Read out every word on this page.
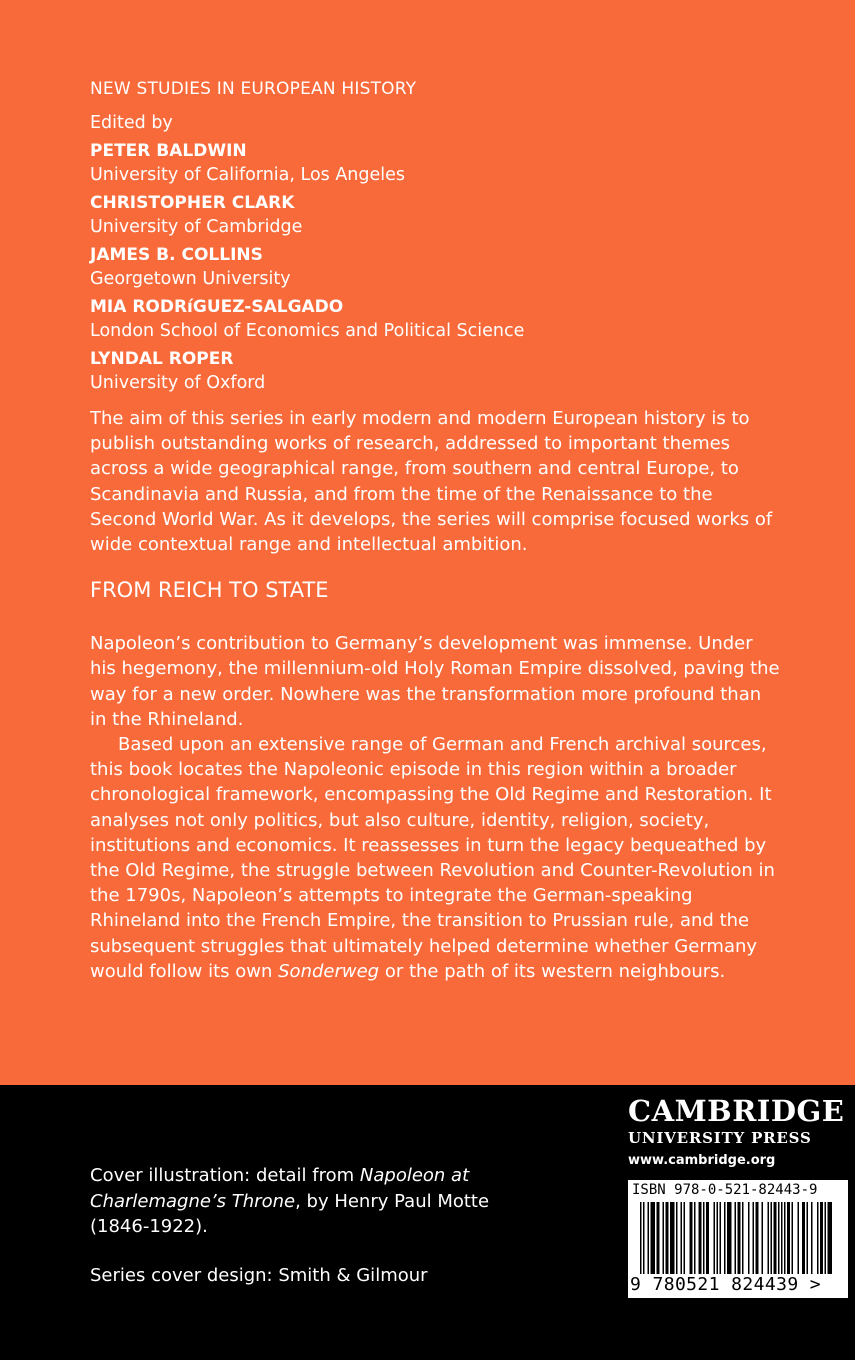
NEW STUDIES IN EUROPEAN HISTORY
Edited by
PETER BALDWIN
University of California, Los Angeles
CHRISTOPHER CLARK
University of Cambridge
JAMES B. COLLINS
Georgetown University
MIA RODRíGUEZ-SALGADO
London School of Economics and Political Science
LYNDAL ROPER
University of Oxford

The aim of this series in early modern and modern European history is to publish outstanding works of research, addressed to important themes across a wide geographical range, from southern and central Europe, to Scandinavia and Russia, and from the time of the Renaissance to the Second World War. As it develops, the series will comprise focused works of wide contextual range and intellectual ambition.

FROM REICH TO STATE

Napoleon’s contribution to Germany’s development was immense. Under his hegemony, the millennium-old Holy Roman Empire dissolved, paving the way for a new order. Nowhere was the transformation more profound than in the Rhineland.

Based upon an extensive range of German and French archival sources, this book locates the Napoleonic episode in this region within a broader chronological framework, encompassing the Old Regime and Restoration. It analyses not only politics, but also culture, identity, religion, society, institutions and economics. It reassesses in turn the legacy bequeathed by the Old Regime, the struggle between Revolution and Counter-Revolution in the 1790s, Napoleon’s attempts to integrate the German-speaking Rhineland into the French Empire, the transition to Prussian rule, and the subsequent struggles that ultimately helped determine whether Germany would follow its own Sonderweg or the path of its western neighbours.

Cover illustration: detail from Napoleon at Charlemagne’s Throne, by Henry Paul Motte (1846-1922).
Series cover design: Smith & Gilmour
CAMBRIDGE
UNIVERSITY PRESS
www.cambridge.org
ISBN 978-0-521-82443-9
9 780521 824439 >
